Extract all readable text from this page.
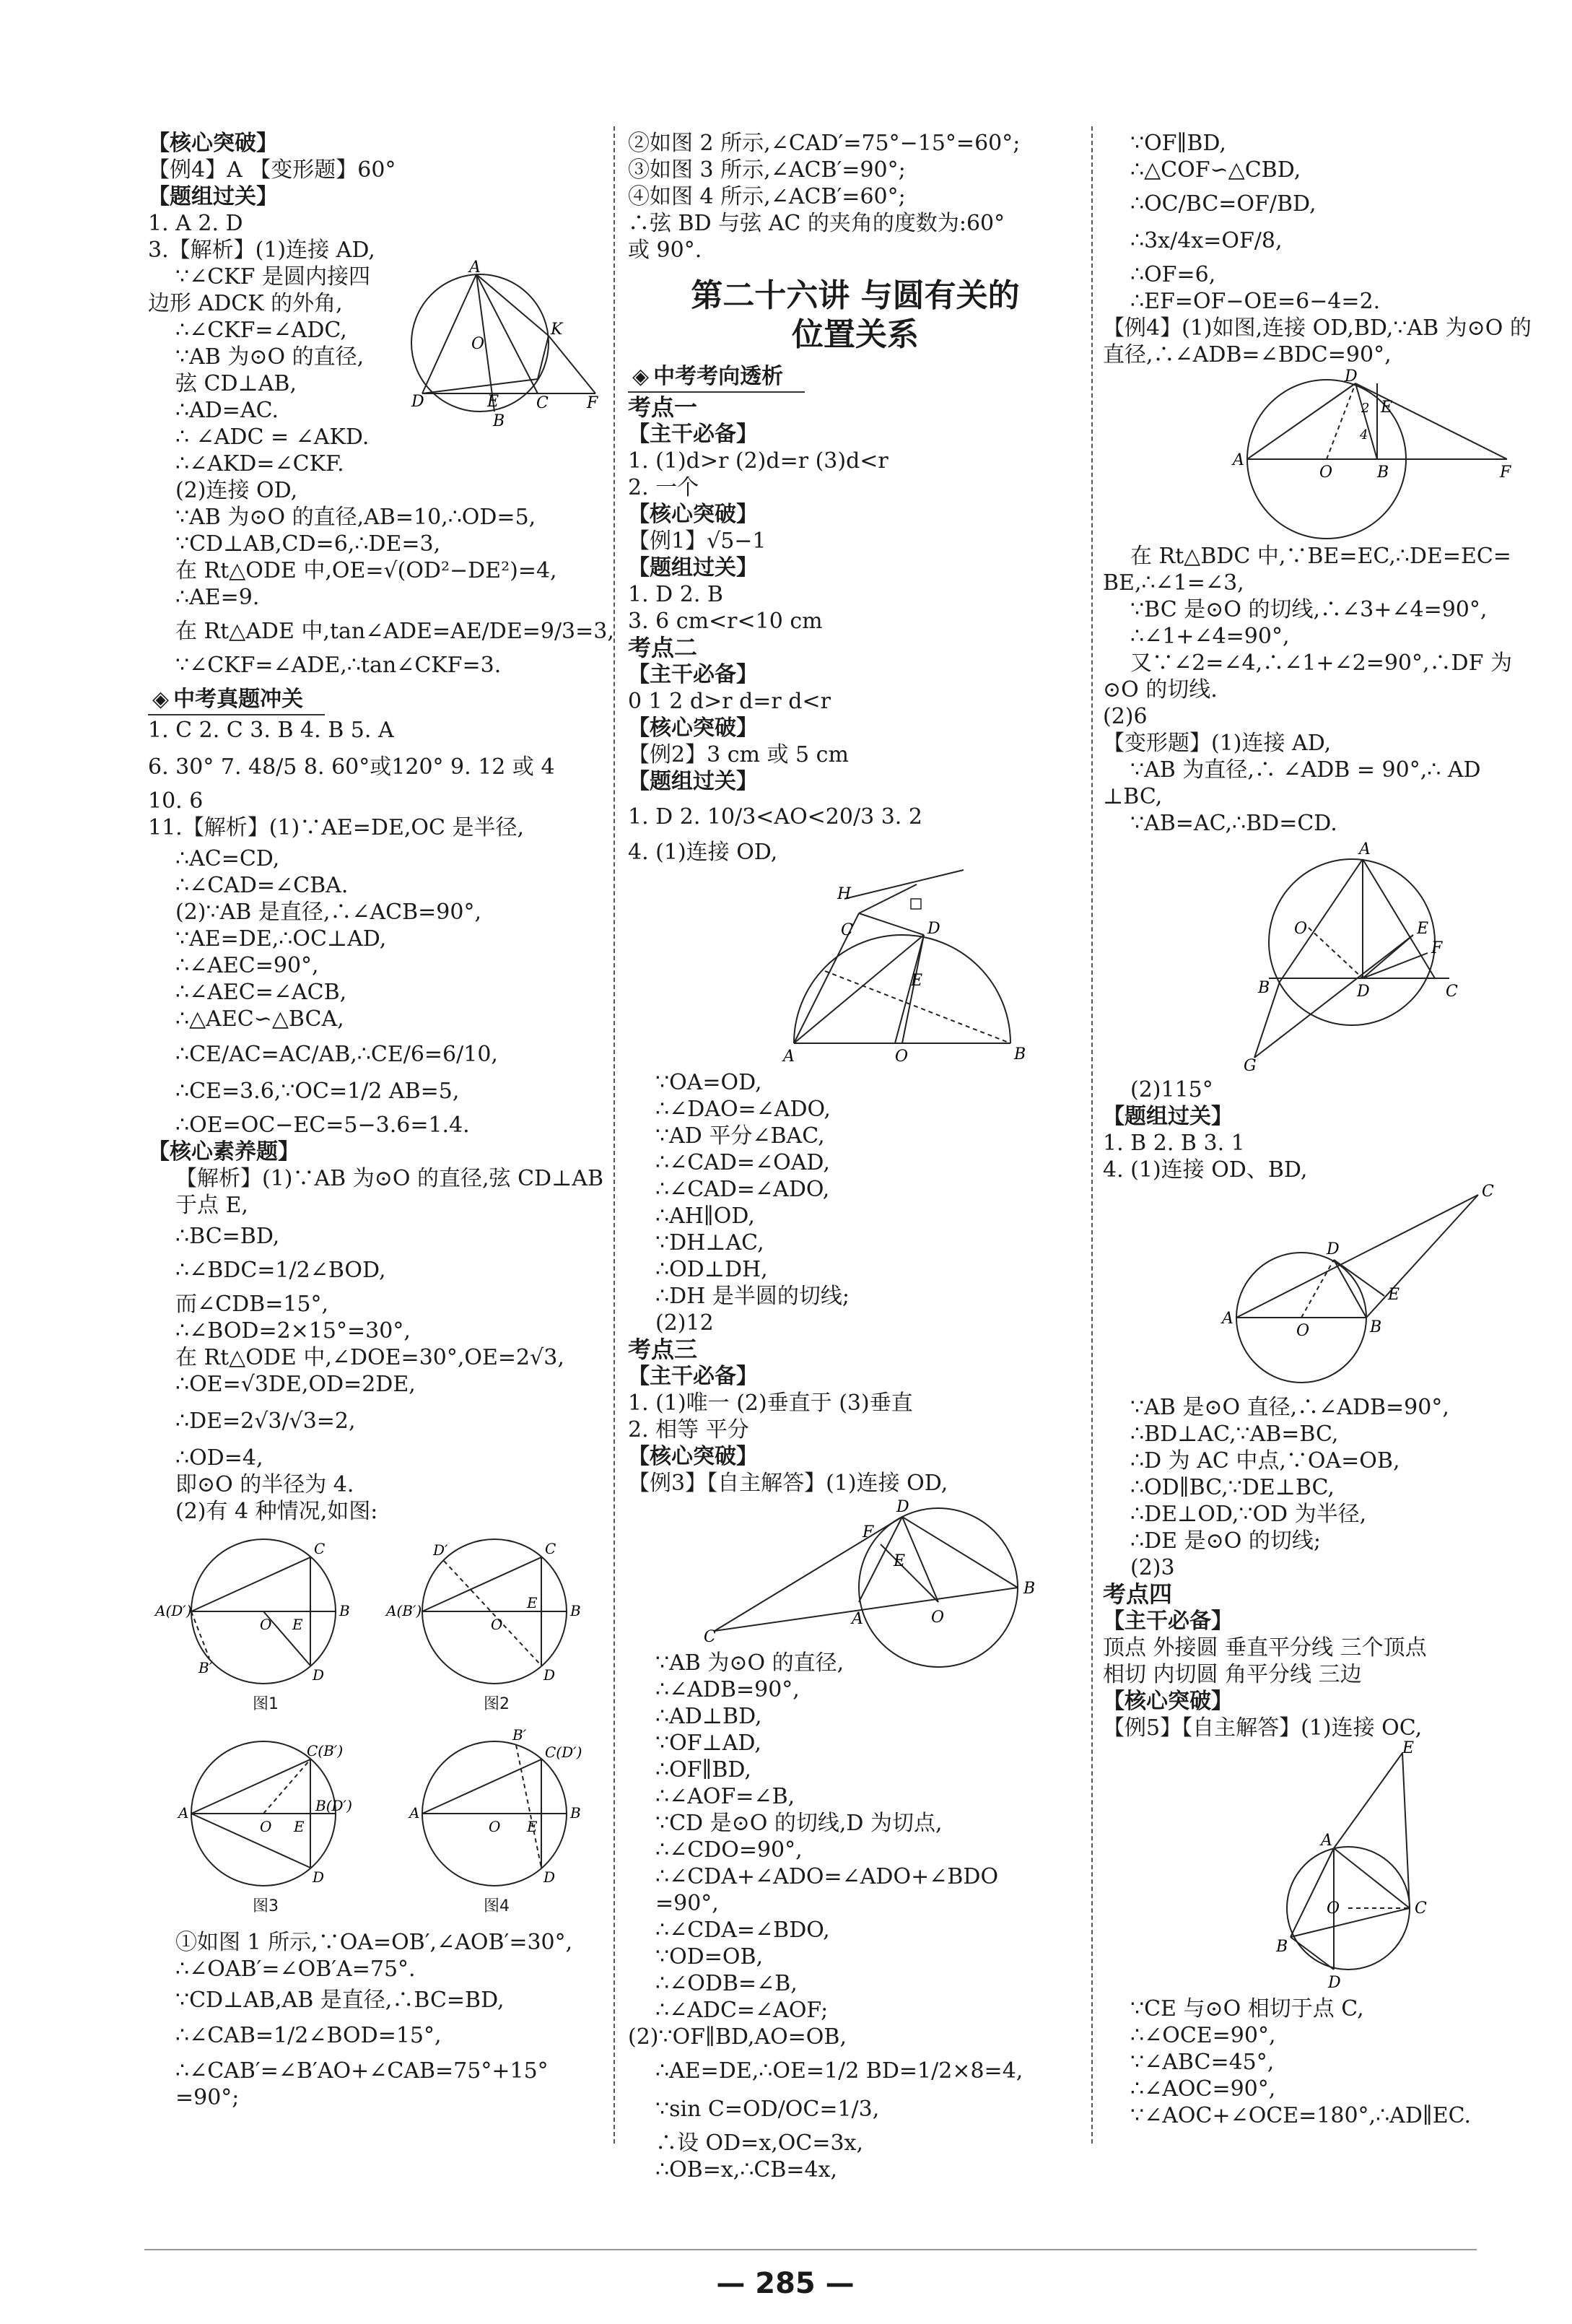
【核心突破】
【例4】A 【变形题】60°
【题组过关】
1. A 2. D
3.【解析】(1)连接 AD,
A
O
K
D	E
B
C F
∵∠CKF 是圆内接四
边形 ADCK 的外角,
∴∠CKF=∠ADC,
∵AB 为⊙O 的直径,
弦 CD⊥AB,
∴AD=AC.
∴ ∠ADC = ∠AKD.
∴∠AKD=∠CKF.
(2)连接 OD,
∵AB 为⊙O 的直径,AB=10,∴OD=5,
∵CD⊥AB,CD=6,∴DE=3,
在 Rt△ODE 中,OE=√(OD²−DE²)=4,
∴AE=9.
在 Rt△ADE 中,tan∠ADE=AE/DE=9/3=3,
∵∠CKF=∠ADE,∴tan∠CKF=3.
◈ 中考真题冲关
1. C 2. C 3. B 4. B 5. A
6. 30° 7. 48/5 8. 60°或120° 9. 12 或 4
10. 6
11.【解析】(1)∵AE=DE,OC 是半径,
∴AC=CD,
∴∠CAD=∠CBA.
(2)∵AB 是直径,∴∠ACB=90°,
∵AE=DE,∴OC⊥AD,
∴∠AEC=90°,
∴∠AEC=∠ACB,
∴△AEC∽△BCA,
∴CE/AC=AC/AB,∴CE/6=6/10,
∴CE=3.6,∵OC=1/2 AB=5,
∴OE=OC−EC=5−3.6=1.4.
【核心素养题】
【解析】(1)∵AB 为⊙O 的直径,弦 CD⊥AB
于点 E,
∴BC=BD,
∴∠BDC=1/2∠BOD,
而∠CDB=15°,
∴∠BOD=2×15°=30°,
在 Rt△ODE 中,∠DOE=30°,OE=2√3,
∴OE=√3DE,OD=2DE,
∴DE=2√3/√3=2,
∴OD=4,
即⊙O 的半径为 4.
(2)有 4 种情况,如图:
C
A(D′)
O E
B
B′	D
C
D′
A(B′)
O
E B
D
C(B′)
A
O E
B(D′)
D
B′
C(D′)
A
O E
B
D
图1	图2
图3	图4
①如图 1 所示,∵OA=OB′,∠AOB′=30°,
∴∠OAB′=∠OB′A=75°.
∵CD⊥AB,AB 是直径,∴BC=BD,
∴∠CAB=1/2∠BOD=15°,
∴∠CAB′=∠B′AO+∠CAB=75°+15°
=90°;
②如图 2 所示,∠CAD′=75°−15°=60°;
③如图 3 所示,∠ACB′=90°;
④如图 4 所示,∠ACB′=60°;
∴弦 BD 与弦 AC 的夹角的度数为:60°
或 90°.
第二十六讲 与圆有关的
位置关系
◈ 中考考向透析
考点一
【主干必备】
1. (1)d>r (2)d=r (3)d<r
2. 一个
【核心突破】
【例1】√5−1
【题组过关】
1. D 2. B
3. 6 cm<r<10 cm
考点二
【主干必备】
0 1 2 d>r d=r d<r
【核心突破】
【例2】3 cm 或 5 cm
【题组过关】
1. D 2. 10/3<AO<20/3 3. 2
4. (1)连接 OD,
H
C	D
E
A	O	B
∵OA=OD,
∴∠DAO=∠ADO,
∵AD 平分∠BAC,
∴∠CAD=∠OAD,
∴∠CAD=∠ADO,
∴AH∥OD,
∵DH⊥AC,
∴OD⊥DH,
∴DH 是半圆的切线;
(2)12
考点三
【主干必备】
1. (1)唯一 (2)垂直于 (3)垂直
2. 相等 平分
【核心突破】
【例3】【自主解答】(1)连接 OD,
D
F
E
C
A	O
B
∵AB 为⊙O 的直径,
∴∠ADB=90°,
∴AD⊥BD,
∵OF⊥AD,
∴OF∥BD,
∴∠AOF=∠B,
∵CD 是⊙O 的切线,D 为切点,
∴∠CDO=90°,
∴∠CDA+∠ADO=∠ADO+∠BDO
=90°,
∴∠CDA=∠BDO,
∵OD=OB,
∴∠ODB=∠B,
∴∠ADC=∠AOF;
(2)∵OF∥BD,AO=OB,
∴AE=DE,∴OE=1/2 BD=1/2×8=4,
∵sin C=OD/OC=1/3,
∴设 OD=x,OC=3x,
∴OB=x,∴CB=4x,
∵OF∥BD,
∴△COF∽△CBD,
∴OC/BC=OF/BD,
∴3x/4x=OF/8,
∴OF=6,
∴EF=OF−OE=6−4=2.
【例4】(1)如图,连接 OD,BD,∵AB 为⊙O 的
直径,∴∠ADB=∠BDC=90°,
D
E
2
4
A
O	B	F
在 Rt△BDC 中,∵BE=EC,∴DE=EC=
BE,∴∠1=∠3,
∵BC 是⊙O 的切线,∴∠3+∠4=90°,
∴∠1+∠4=90°,
又∵∠2=∠4,∴∠1+∠2=90°,∴DF 为
⊙O 的切线.
(2)6
【变形题】(1)连接 AD,
∵AB 为直径,∴ ∠ADB = 90°,∴ AD
⊥BC,
∵AB=AC,∴BD=CD.
A
O	E
F
B	D	C
G
(2)115°
【题组过关】
1. B 2. B 3. 1
4. (1)连接 OD、BD,
C
D
E
A
O	B
∵AB 是⊙O 直径,∴∠ADB=90°,
∴BD⊥AC,∵AB=BC,
∴D 为 AC 中点,∵OA=OB,
∴OD∥BC,∵DE⊥BC,
∴DE⊥OD,∵OD 为半径,
∴DE 是⊙O 的切线;
(2)3
考点四
【主干必备】
顶点 外接圆 垂直平分线 三个顶点
相切 内切圆 角平分线 三边
【核心突破】
【例5】【自主解答】(1)连接 OC,
E
A
O	C
B
D
∵CE 与⊙O 相切于点 C,
∴∠OCE=90°,
∵∠ABC=45°,
∴∠AOC=90°,
∵∠AOC+∠OCE=180°,∴AD∥EC.
— 285 —
